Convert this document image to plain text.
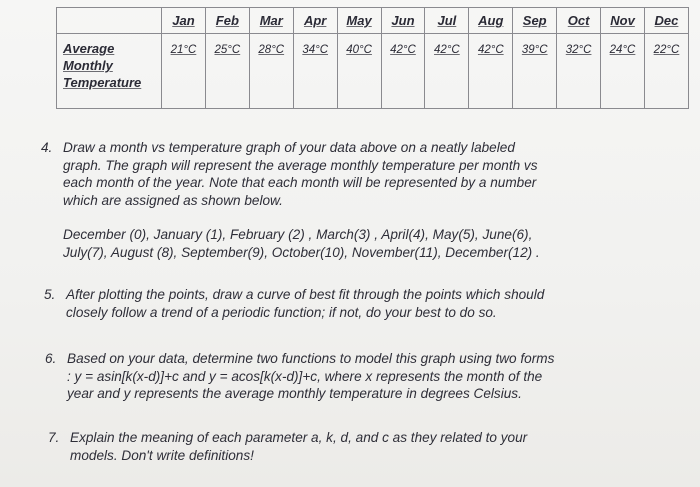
	Jan	Feb	Mar	Apr	May	Jun	Jul	Aug	Sep	Oct	Nov	Dec

Average
Monthly
Temperature	21°C	25°C	28°C	34°C	40°C	42°C	42°C	42°C	39°C	32°C	24°C	22°C
4. Draw a month vs temperature graph of your data above on a neatly labeled

graph. The graph will represent the average monthly temperature per month vs

each month of the year. Note that each month will be represented by a number

which are assigned as shown below.

December (0), January (1), February (2) , March(3) , April(4), May(5), June(6),

July(7), August (8), September(9), October(10), November(11), December(12) .

5. After plotting the points, draw a curve of best fit through the points which should

closely follow a trend of a periodic function; if not, do your best to do so.

6. Based on your data, determine two functions to model this graph using two forms

: y = asin[k(x-d)]+c and y = acos[k(x-d)]+c, where x represents the month of the

year and y represents the average monthly temperature in degrees Celsius.

7. Explain the meaning of each parameter a, k, d, and c as they related to your

models. Don't write definitions!
